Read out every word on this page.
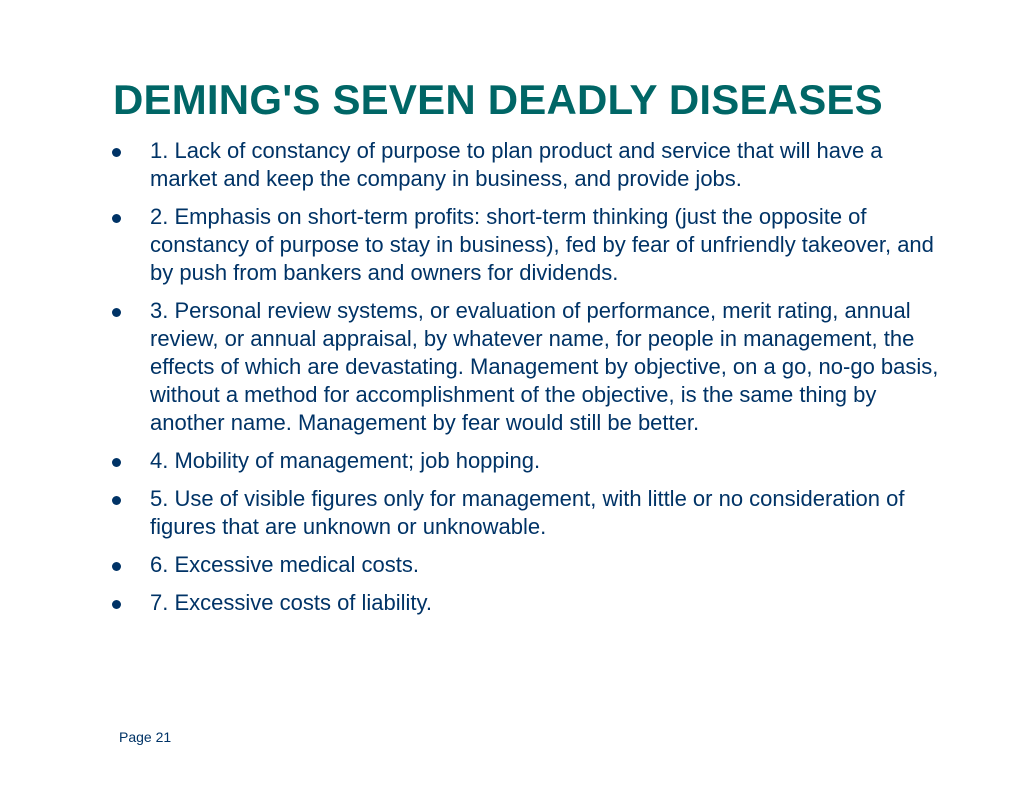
DEMING'S SEVEN DEADLY DISEASES
1. Lack of constancy of purpose to plan product and service that will have a market and keep the company in business, and provide jobs.
2. Emphasis on short-term profits: short-term thinking (just the opposite of constancy of purpose to stay in business), fed by fear of unfriendly takeover, and by push from bankers and owners for dividends.
3. Personal review systems, or evaluation of performance, merit rating, annual review, or annual appraisal, by whatever name, for people in management, the effects of which are devastating. Management by objective, on a go, no-go basis, without a method for accomplishment of the objective, is the same thing by another name. Management by fear would still be better.
4. Mobility of management; job hopping.
5. Use of visible figures only for management, with little or no consideration of figures that are unknown or unknowable.
6. Excessive medical costs.
7. Excessive costs of liability.
Page 21
